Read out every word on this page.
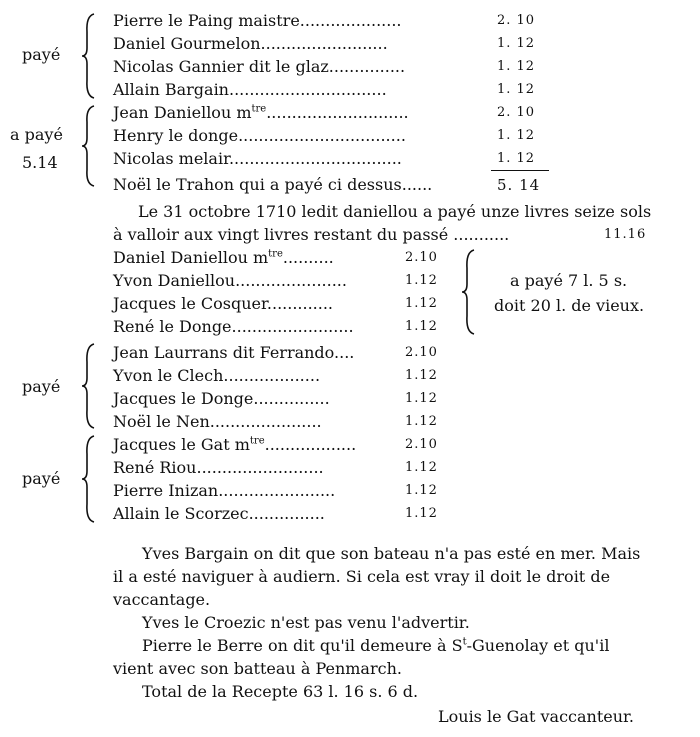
payé
Pierre le Paing maistre....................	2. 10
Daniel Gourmelon.........................	1. 12
Nicolas Gannier dit le glaz...............	1. 12
Allain Bargain...............................	1. 12
a payé
5.14
Jean Daniellou $m^{tre}$............................	2. 10
Henry le donge.................................	1. 12
Nicolas melair..................................	1. 12
Noël le Trahon qui a payé ci dessus......	5. 14
Le 31 octobre 1710 ledit daniellou a payé unze livres seize sols
à valloir aux vingt livres restant du passé ...........	11.16
Daniel Daniellou $m^{tre}$..........	2.10
Yvon Daniellou......................	1.12
Jacques le Cosquer.............	1.12
René le Donge........................	1.12
a payé 7 l. 5 s.
doit 20 l. de vieux.
payé
Jean Laurrans dit Ferrando....	2.10
Yvon le Clech...................	1.12
Jacques le Donge...............	1.12
Noël le Nen......................	1.12
payé
Jacques le Gat $m^{tre}$..................	2.10
René Riou.........................	1.12
Pierre Inizan.......................	1.12
Allain le Scorzec...............	1.12
Yves Bargain on dit que son bateau n'a pas esté en mer. Mais
il a esté naviguer à audiern. Si cela est vray il doit le droit de
vaccantage.
Yves le Croezic n'est pas venu l'advertir.
Pierre le Berre on dit qu'il demeure à $S^t$-Guenolay et qu'il
vient avec son batteau à Penmarch.
Total de la Recepte 63 l. 16 s. 6 d.
Louis le Gat vaccanteur.
